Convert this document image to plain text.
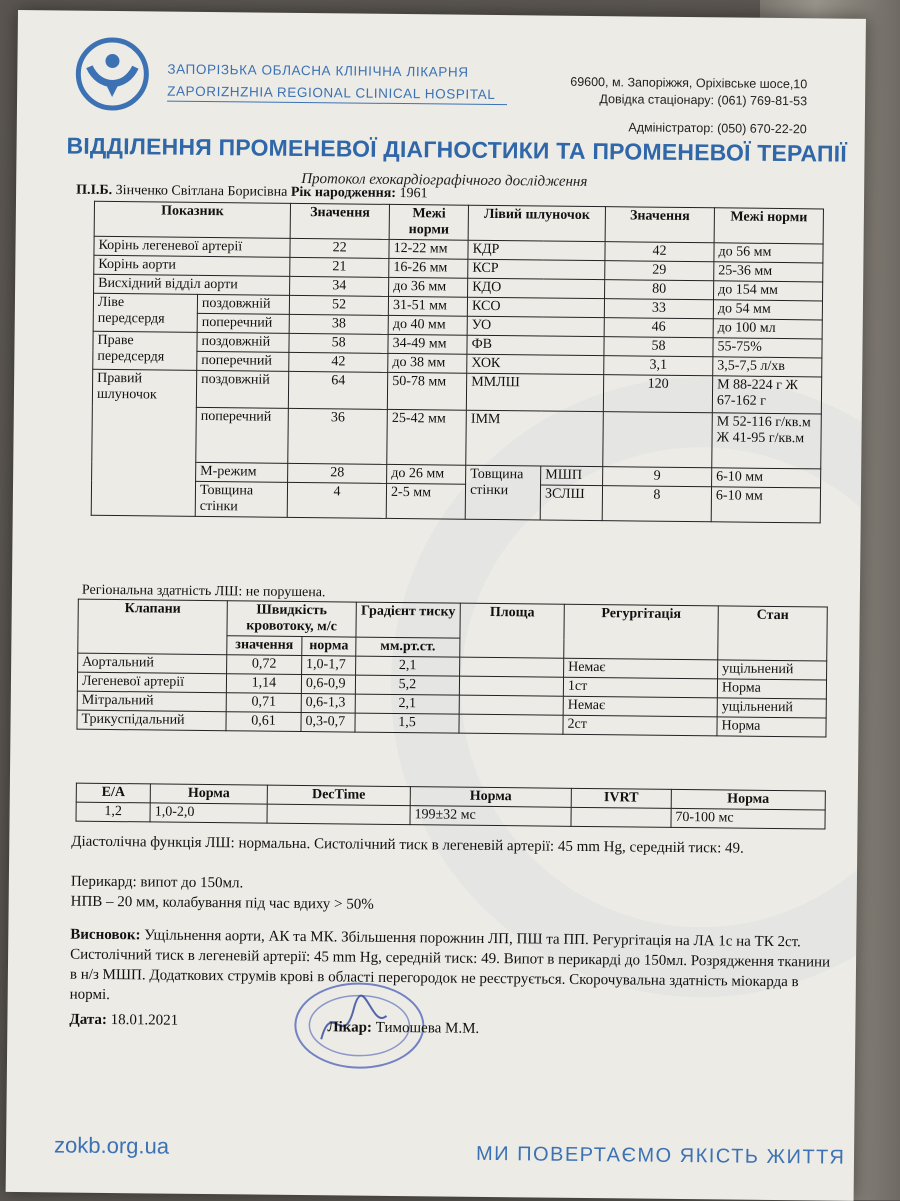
ЗАПОРІЗЬКА ОБЛАСНА КЛІНІЧНА ЛІКАРНЯ
ZAPORIZHZHIA REGIONAL CLINICAL HOSPITAL
69600, м. Запоріжжя, Оріхівське шосе,10
Довідка стаціонару: (061) 769-81-53
Адміністратор: (050) 670-22-20
ВІДДІЛЕННЯ ПРОМЕНЕВОЇ ДІАГНОСТИКИ ТА ПРОМЕНЕВОЇ ТЕРАПІЇ
Протокол ехокардіографічного дослідження
П.І.Б. Зінченко Світлана Борисівна Рік народження: 1961
Показник		Значення	Межі норми	Лівий шлуночок		Значення	Межі норми
Корінь легеневої артерії		22	12-22 мм	КДР		42	до 56 мм
Корінь аорти		21	16-26 мм	КСР		29	25-36 мм
Висхідний відділ аорти		34	до 36 мм	КДО		80	до 154 мм
Ліве передсердя	поздовжній	52	31-51 мм	КСО		33	до 54 мм
	поперечний	38	до 40 мм	УО		46	до 100 мл
Праве передсердя	поздовжній	58	34-49 мм	ФВ		58	55-75%
	поперечний	42	до 38 мм	ХОК		3,1	3,5-7,5 л/хв
Правий шлуночок	поздовжній	64	50-78 мм	ММЛШ		120	М 88-224 г Ж 67-162 г
	поперечний	36	25-42 мм	ІММ			М 52-116 г/кв.м Ж 41-95 г/кв.м
	М-режим	28	до 26 мм	Товщина стінки	МШП	9	6-10 мм
	Товщина стінки	4	2-5 мм		ЗСЛШ	8	6-10 мм
Регіональна здатність ЛШ: не порушена.
Клапани	Швидкість кровотоку, м/с		Градієнт тиску	Площа	Регургітація	Стан
	значення	норма	мм.рт.ст.			
Аортальний	0,72	1,0-1,7	2,1		Немає	ущільнений
Легеневої артерії	1,14	0,6-0,9	5,2		1ст	Норма
Мітральний	0,71	0,6-1,3	2,1		Немає	ущільнений
Трикуспідальний	0,61	0,3-0,7	1,5		2ст	Норма
E/A	Норма	DecTime	Норма	IVRT	Норма
1,2	1,0-2,0		199±32 мс		70-100 мс
Діастолічна функція ЛШ: нормальна. Систолічний тиск в легеневій артерії: 45 mm Hg, середній тиск: 49.
Перикард: випот до 150мл.
НПВ – 20 мм, колабування під час вдиху > 50%
Висновок: Ущільнення аорти, АК та МК. Збільшення порожнин ЛП, ПШ та ПП. Регургітація на ЛА 1с на ТК 2ст. Систолічний тиск в легеневій артерії: 45 mm Hg, середній тиск: 49. Випот в перикарді до 150мл. Розрядження тканини в н/з МШП. Додаткових струмів крові в області перегородок не реєструється. Скорочувальна здатність міокарда в нормі.
Дата: 18.01.2021	Лікар: Тимошева М.М.
zokb.org.ua	МИ ПОВЕРТАЄМО ЯКІСТЬ ЖИТТЯ
